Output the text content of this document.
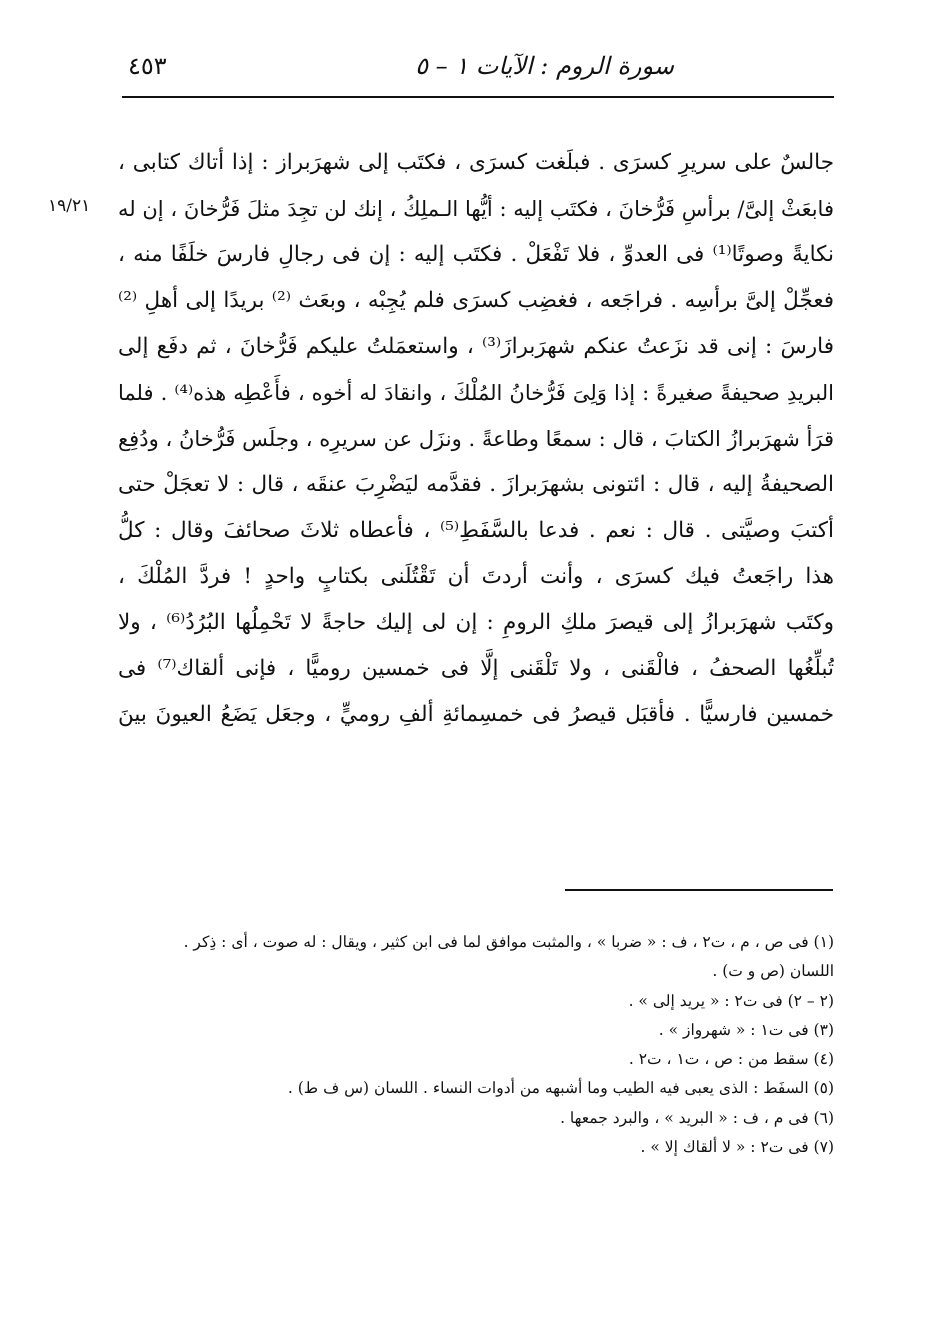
سورة الروم : الآيات ١ – ٥
٤٥٣
١٩/٢١
جالسٌ على سريرِ كسرَى . فبلَغت كسرَى ، فكتَب إلى شهرَبراز : إذا أتاك كتابى ،
فابعَثْ إلىَّ/ برأسِ فَرُّخانَ ، فكتَب إليه : أيُّها الـملِكُ ، إنك لن تجِدَ مثلَ فَرُّخانَ ، إن له
نكايةً وصوتًا⁽¹⁾ فى العدوِّ ، فلا تَفْعَلْ . فكتَب إليه : إن فى رجالِ فارسَ خلَفًا منه ،
فعجِّلْ إلىَّ برأسِه . فراجَعه ، فغضِب كسرَى فلم يُجِبْه ، وبعَث ⁽²⁾ بريدًا إلى أهلِ ⁽²⁾
فارسَ : إنى قد نزَعتُ عنكم شهرَبرازَ⁽³⁾ ، واستعمَلتُ عليكم فَرُّخانَ ، ثم دفَع إلى
البريدِ صحيفةً صغيرةً : إذا وَلِىَ فَرُّخانُ المُلْكَ ، وانقادَ له أخوه ، فأَعْطِه هذه⁽⁴⁾ . فلما
قرَأ شهرَبرازُ الكتابَ ، قال : سمعًا وطاعةً . ونزَل عن سريرِه ، وجلَس فَرُّخانُ ، ودُفِع
الصحيفةُ إليه ، قال : ائتونى بشهرَبرازَ . فقدَّمه ليَضْرِبَ عنقَه ، قال : لا تعجَلْ حتى
أكتبَ وصيَّتى . قال : نعم . فدعا بالسَّفَطِ⁽⁵⁾ ، فأعطاه ثلاثَ صحائفَ وقال : كلُّ
هذا راجَعتُ فيك كسرَى ، وأنت أردتَ أن تَقْتُلَنى بكتابٍ واحدٍ ! فردَّ المُلْكَ ،
وكتَب شهرَبرازُ إلى قيصرَ ملكِ الرومِ : إن لى إليك حاجةً لا تَحْمِلُها البُرُدُ⁽⁶⁾ ، ولا
تُبلِّغُها الصحفُ ، فالْقَنى ، ولا تَلْقَنى إلَّا فى خمسين روميًّا ، فإنى ألقاك⁽⁷⁾ فى
خمسين فارسيًّا . فأقبَل قيصرُ فى خمسِمائةِ ألفِ روميٍّ ، وجعَل يَضَعُ العيونَ بينَ
(١) فى ص ، م ، ت٢ ، ف : « ضربا » ، والمثبت موافق لما فى ابن كثير ، ويقال : له صوت ، أى : ذِكر .
اللسان (ص و ت) .
(٢ – ٢) فى ت٢ : « يريد إلى » .
(٣) فى ت١ : « شهرواز » .
(٤) سقط من : ص ، ت١ ، ت٢ .
(٥) السفَط : الذى يعبى فيه الطيب وما أشبهه من أدوات النساء . اللسان (س ف ط) .
(٦) فى م ، ف : « البريد » ، والبرد جمعها .
(٧) فى ت٢ : « لا ألقاك إلا » .
